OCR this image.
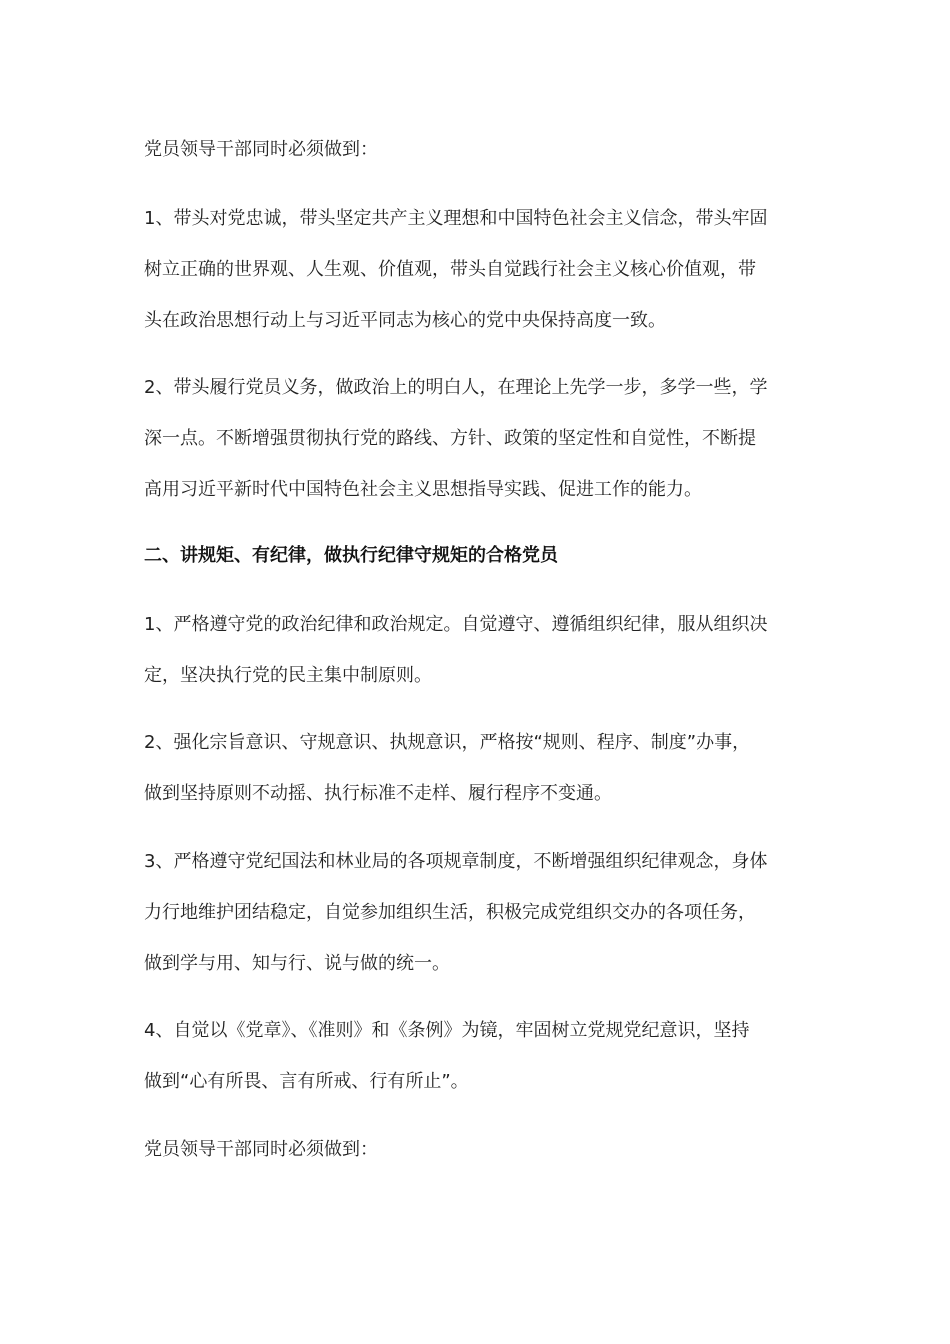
党员领导干部同时必须做到：

1、带头对党忠诚，带头坚定共产主义理想和中国特色社会主义信念，带头牢固
树立正确的世界观、人生观、价值观，带头自觉践行社会主义核心价值观，带
头在政治思想行动上与习近平同志为核心的党中央保持高度一致。

2、带头履行党员义务，做政治上的明白人，在理论上先学一步，多学一些，学
深一点。不断增强贯彻执行党的路线、方针、政策的坚定性和自觉性，不断提
高用习近平新时代中国特色社会主义思想指导实践、促进工作的能力。

二、讲规矩、有纪律，做执行纪律守规矩的合格党员

1、严格遵守党的政治纪律和政治规定。自觉遵守、遵循组织纪律，服从组织决
定，坚决执行党的民主集中制原则。

2、强化宗旨意识、守规意识、执规意识，严格按“规则、程序、制度”办事，
做到坚持原则不动摇、执行标准不走样、履行程序不变通。

3、严格遵守党纪国法和林业局的各项规章制度，不断增强组织纪律观念，身体
力行地维护团结稳定，自觉参加组织生活，积极完成党组织交办的各项任务，
做到学与用、知与行、说与做的统一。

4、自觉以《党章》、《准则》和《条例》为镜，牢固树立党规党纪意识，坚持
做到“心有所畏、言有所戒、行有所止”。

党员领导干部同时必须做到：
